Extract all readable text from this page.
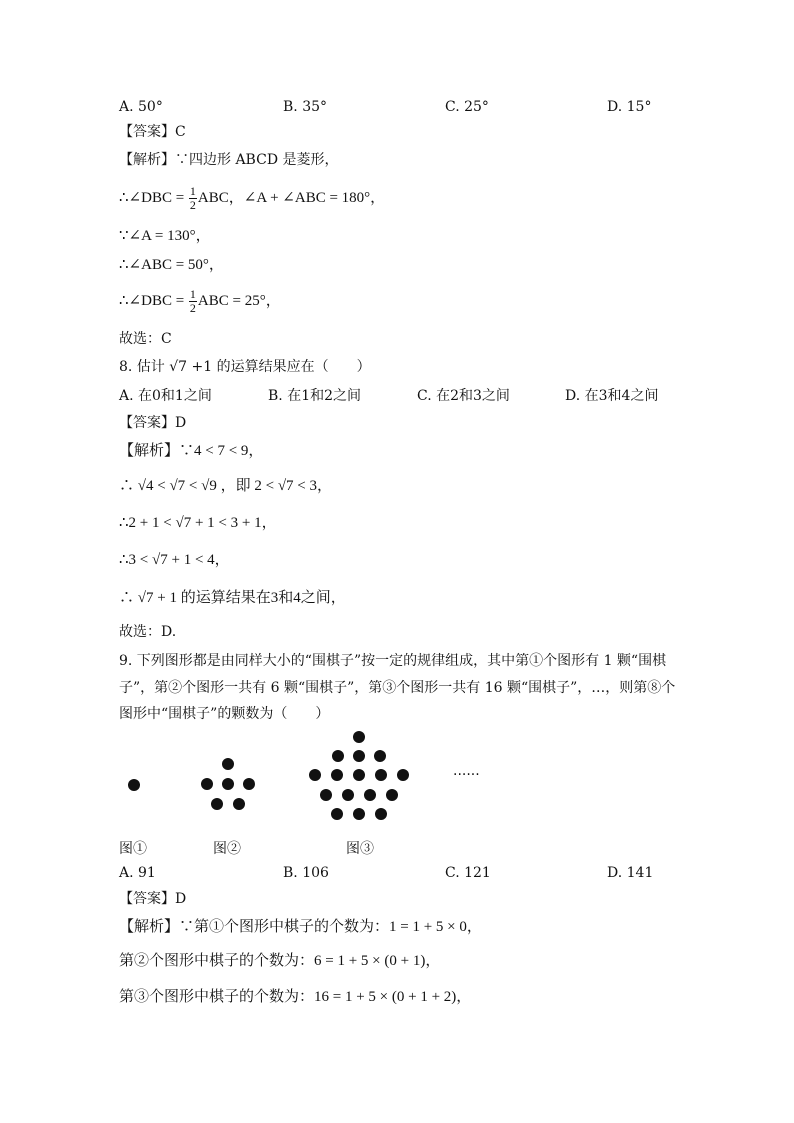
A. 50°	B. 35°	C. 25°	D. 15°
【答案】C
【解析】∵四边形 ABCD 是菱形，
∴∠DBC = $\frac{1}{2}$ ABC，∠A + ∠ABC = 180°，
∵∠A = 130°，
∴∠ABC = 50°，
∴∠DBC = $\frac{1}{2}$ ABC = 25°，
故选：C
8. 估计 √7 +1 的运算结果应在（　　）
A. 在0和1之间	B. 在1和2之间	C. 在2和3之间	D. 在3和4之间
【答案】D
【解析】∵4 < 7 < 9，
∴ √4 < √7 < √9 ，即 2 < √7 < 3，
∴2 + 1 < √7 + 1 < 3 + 1，
∴3 < √7 + 1 < 4，
∴ √7 + 1 的运算结果在3和4之间，
故选：D.
9. 下列图形都是由同样大小的“围棋子”按一定的规律组成，其中第①个图形有 1 颗“围棋
子”，第②个图形一共有 6 颗“围棋子”，第③个图形一共有 16 颗“围棋子”，…，则第⑧个
图形中“围棋子”的颗数为（　　）
······
图①	图②	图③
A. 91	B. 106	C. 121	D. 141
【答案】D
【解析】∵第①个图形中棋子的个数为：1 = 1 + 5 × 0，
第②个图形中棋子的个数为：6 = 1 + 5 × (0 + 1)，
第③个图形中棋子的个数为：16 = 1 + 5 × (0 + 1 + 2)，
